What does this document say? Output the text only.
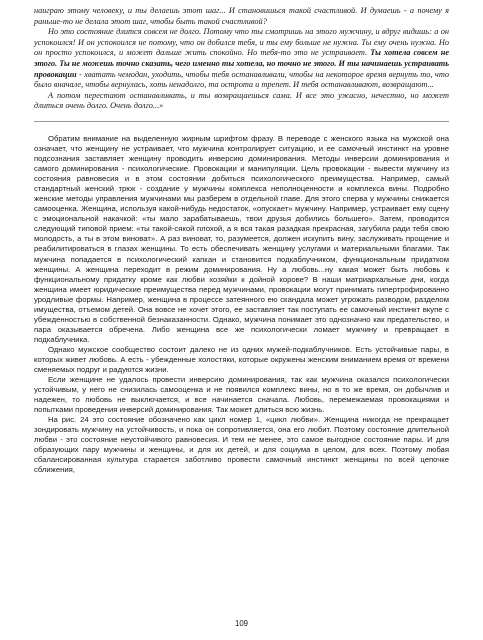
наиграю этому человеку, и ты делаешь этот шаг... И становишься такой счастливой. И думаешь - а почему я раньше-то не делала этот шаг, чтобы быть такой счастливой?

Но это состояние длится совсем не долго. Потому что ты смотришь на этого мужчину, и вдруг видишь: а он успокоился! И он успокоился не потому, что он добился тебя, и ты ему больше не нужна. Ты ему очень нужна. Но он просто успокоился, и может дальше жить спокойно. Но тебя-то это не устраивает. Ты хотела совсем не этого. Ты не можешь точно сказать, чего именно ты хотела, но точно не этого. И ты начинаешь устраивать провокации - хватать чемодан, уходить, чтобы тебя останавливали, чтобы на некоторое время вернуть то, что было вначале, чтобы вернулась, хоть ненадолго, та острота и трепет. И тебя останавливают, возвращают...

А потом перестают останавливать, и ты возвращаешься сама. И все это ужасно, нечестно, но может длиться очень долго. Очень долго...»

Обратим внимание на выделенную жирным шрифтом фразу. В переводе с женского языка на мужской она означает, что женщину не устраивает, что мужчина контролирует ситуацию, и ее самочный инстинкт на уровне подсознания заставляет женщину проводить инверсию доминирования. Методы инверсии доминирования и самого доминирования - психологические. Провокации и манипуляции. Цель провокации - вывести мужчину из состояния равновесия и в этом состоянии добиться психологического преимущества. Например, самый стандартный женский трюк - создание у мужчины комплекса неполноценности и комплекса вины. Подробно женские методы управления мужчинами мы разберем в отдельной главе. Для этого сперва у мужчины снижается самооценка. Женщина, используя какой-нибудь недостаток, «опускает» мужчину. Например, устраивает ему сцену с эмоциональной накачкой: «ты мало зарабатываешь, твои друзья добились большего». Затем, проводится следующий типовой прием: «ты такой-сякой плохой, а я вся такая разадкая прекрасная, загубила ради тебя свою молодость, а ты в этом виноват». А раз виноват, то, разумеется, должен искупить вину, заслуживать прощение и реабилитироваться в глазах женщины. То есть обеспечивать женщину услугами и материальными благами. Так мужчина попадается в психологический капкан и становится подкаблучником, функциональным придатком женщины. А женщина переходит в режим доминирования. Ну а любовь...ну какая может быть любовь к функциональному придатку кроме как любви хозяйки к дойной корове? В наши матриархальные дни, когда женщина имеет юридические преимущества перед мужчинами, провокации могут принимать гипертрофированно уродливые формы. Например, женщина в процессе затеянного ею скандала может угрожать разводом, разделом имущества, отъемом детей. Она вовсе не хочет этого, ее заставляет так поступать ее самочный инстинкт вкупе с убежденностью в собственной безнаказанности. Однако, мужчина понимает это однозначно как предательство, и пара оказывается обречена. Либо женщина все же психологически ломает мужчину и превращает в подкаблучника.

Однако мужское сообщество состоит далеко не из одних мужей-подкаблучников. Есть устойчивые пары, в которых живет любовь. А есть - убежденные холостяки, которые окружены женским вниманием время от времени сменяемых подруг и радуются жизни.

Если женщине не удалось провести инверсию доминирования, так как мужчина оказался психологически устойчивым, у него не снизилась самооценка и не появился комплекс вины, но в то же время, он добычлив и надежен, то любовь не выключается, и все начинается сначала. Любовь, перемежаемая провокациями и попытками проведения инверсий доминирования. Так может длиться всю жизнь.

На рис. 24 это состояние обозначено как цикл номер 1, «цикл любви». Женщина никогда не прекращает зондировать мужчину на устойчивость, и пока он сопротивляется, она его любит. Поэтому состояние длительной любви - это состояние неустойчивого равновесия. И тем не менее, это самое выгодное состояние пары. И для образующих пару мужчины и женщины, и для их детей, и для социума в целом, для всех. Поэтому любая сбалансированная культура старается заботливо провести самочный инстинкт женщины по всей цепочке сближения,

109
